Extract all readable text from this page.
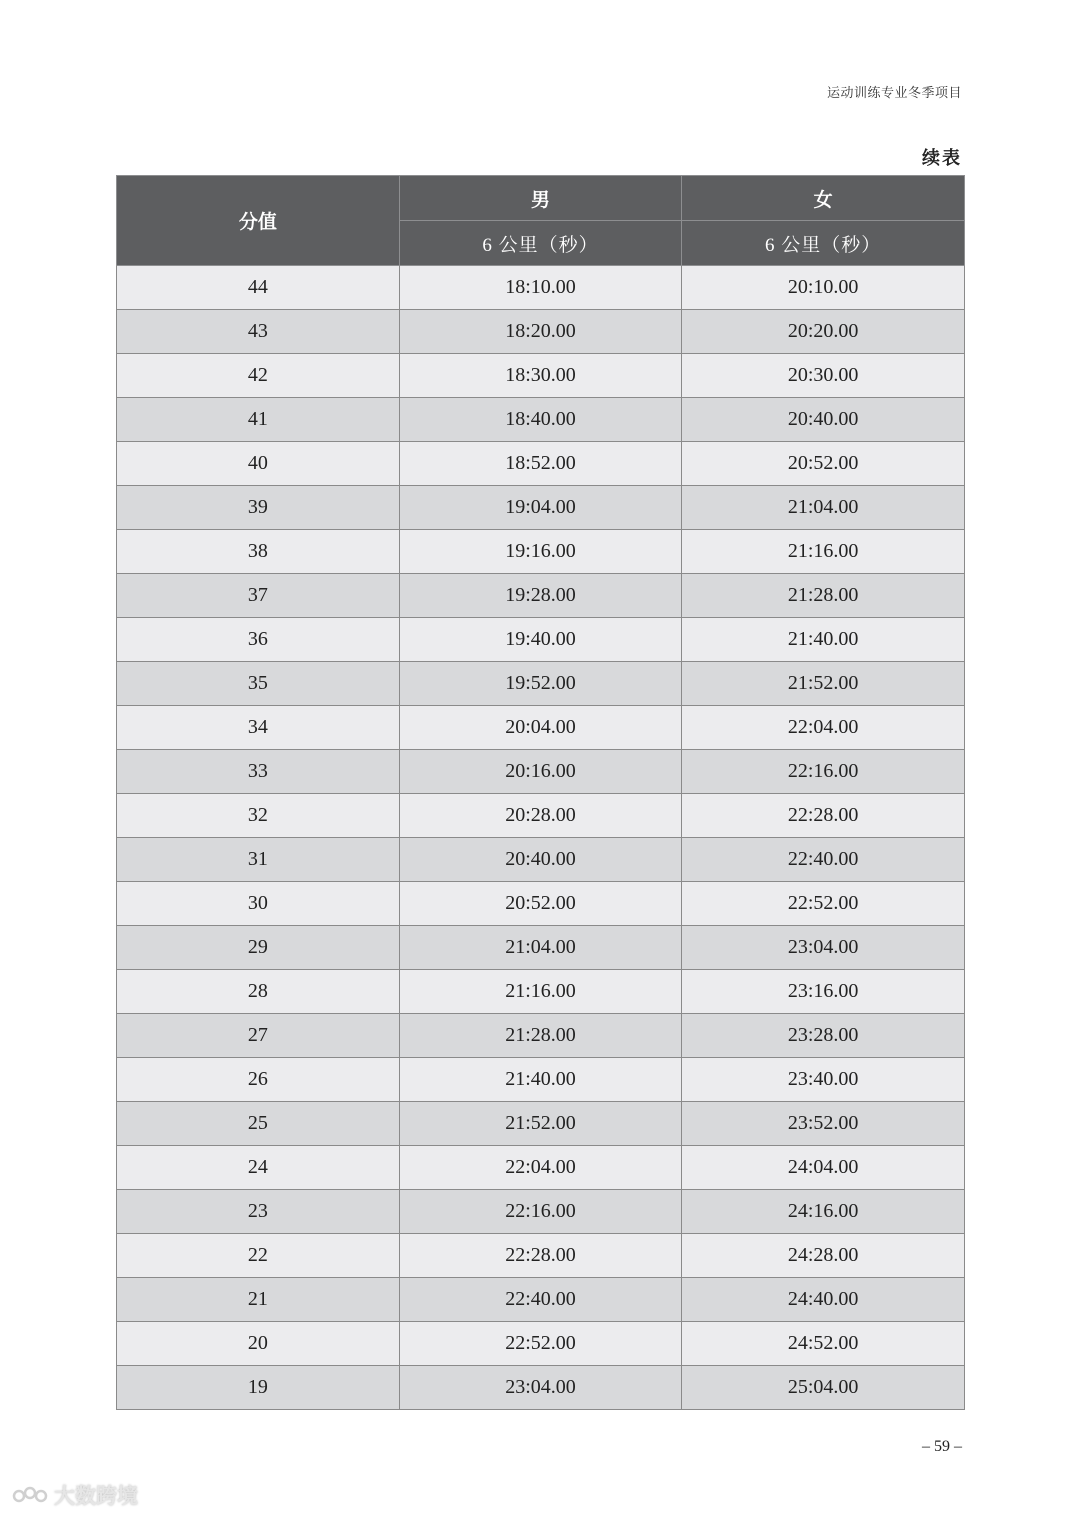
运动训练专业冬季项目
续表
分值	男	女
	6 公里（秒）	6 公里（秒）
44	18:10.00	20:10.00
43	18:20.00	20:20.00
42	18:30.00	20:30.00
41	18:40.00	20:40.00
40	18:52.00	20:52.00
39	19:04.00	21:04.00
38	19:16.00	21:16.00
37	19:28.00	21:28.00
36	19:40.00	21:40.00
35	19:52.00	21:52.00
34	20:04.00	22:04.00
33	20:16.00	22:16.00
32	20:28.00	22:28.00
31	20:40.00	22:40.00
30	20:52.00	22:52.00
29	21:04.00	23:04.00
28	21:16.00	23:16.00
27	21:28.00	23:28.00
26	21:40.00	23:40.00
25	21:52.00	23:52.00
24	22:04.00	24:04.00
23	22:16.00	24:16.00
22	22:28.00	24:28.00
21	22:40.00	24:40.00
20	22:52.00	24:52.00
19	23:04.00	25:04.00
– 59 –
大数跨境
